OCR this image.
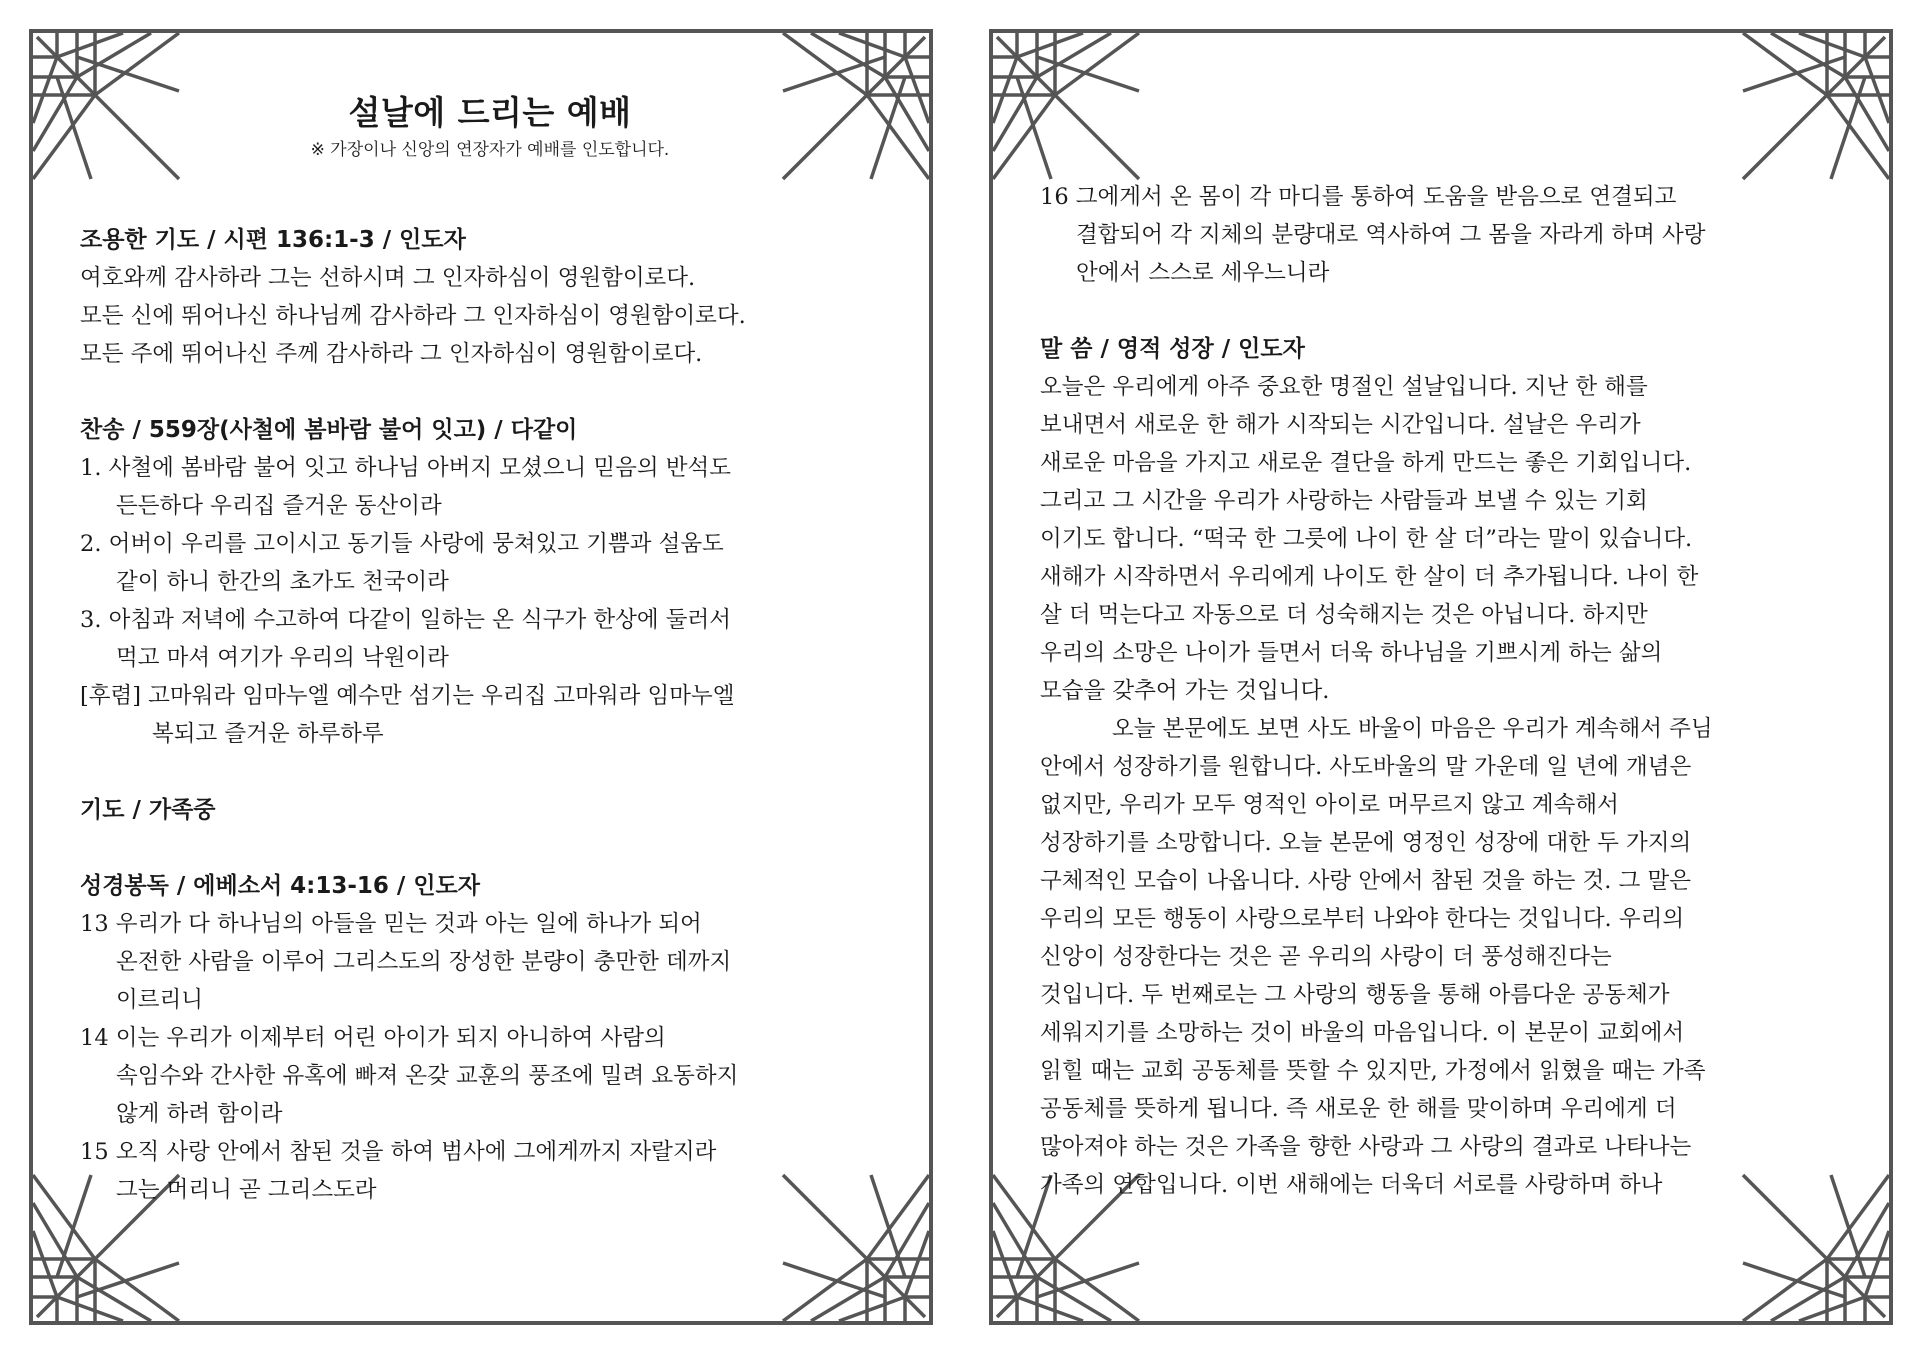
설날에 드리는 예배
※ 가장이나 신앙의 연장자가 예배를 인도합니다.
조용한 기도 / 시편 136:1-3 / 인도자
여호와께 감사하라 그는 선하시며 그 인자하심이 영원함이로다.
모든 신에 뛰어나신 하나님께 감사하라 그 인자하심이 영원함이로다.
모든 주에 뛰어나신 주께 감사하라 그 인자하심이 영원함이로다.
찬송 / 559장(사철에 봄바람 불어 잇고) / 다같이
1. 사철에 봄바람 불어 잇고 하나님 아버지 모셨으니 믿음의 반석도
든든하다 우리집 즐거운 동산이라
2. 어버이 우리를 고이시고 동기들 사랑에 뭉쳐있고 기쁨과 설움도
같이 하니 한간의 초가도 천국이라
3. 아침과 저녁에 수고하여 다같이 일하는 온 식구가 한상에 둘러서
먹고 마셔 여기가 우리의 낙원이라
[후렴] 고마워라 임마누엘 예수만 섬기는 우리집 고마워라 임마누엘
복되고 즐거운 하루하루
기도 / 가족중
성경봉독 / 에베소서 4:13-16 / 인도자
13 우리가 다 하나님의 아들을 믿는 것과 아는 일에 하나가 되어
온전한 사람을 이루어 그리스도의 장성한 분량이 충만한 데까지
이르리니
14 이는 우리가 이제부터 어린 아이가 되지 아니하여 사람의
속임수와 간사한 유혹에 빠져 온갖 교훈의 풍조에 밀려 요동하지
않게 하려 함이라
15 오직 사랑 안에서 참된 것을 하여 범사에 그에게까지 자랄지라
그는 머리니 곧 그리스도라
16 그에게서 온 몸이 각 마디를 통하여 도움을 받음으로 연결되고
결합되어 각 지체의 분량대로 역사하여 그 몸을 자라게 하며 사랑
안에서 스스로 세우느니라
말 씀 / 영적 성장 / 인도자
오늘은 우리에게 아주 중요한 명절인 설날입니다. 지난 한 해를
보내면서 새로운 한 해가 시작되는 시간입니다. 설날은 우리가
새로운 마음을 가지고 새로운 결단을 하게 만드는 좋은 기회입니다.
그리고 그 시간을 우리가 사랑하는 사람들과 보낼 수 있는 기회
이기도 합니다. “떡국 한 그릇에 나이 한 살 더”라는 말이 있습니다.
새해가 시작하면서 우리에게 나이도 한 살이 더 추가됩니다. 나이 한
살 더 먹는다고 자동으로 더 성숙해지는 것은 아닙니다. 하지만
우리의 소망은 나이가 들면서 더욱 하나님을 기쁘시게 하는 삶의
모습을 갖추어 가는 것입니다.
오늘 본문에도 보면 사도 바울이 마음은 우리가 계속해서 주님
안에서 성장하기를 원합니다. 사도바울의 말 가운데 일 년에 개념은
없지만, 우리가 모두 영적인 아이로 머무르지 않고 계속해서
성장하기를 소망합니다. 오늘 본문에 영정인 성장에 대한 두 가지의
구체적인 모습이 나옵니다. 사랑 안에서 참된 것을 하는 것. 그 말은
우리의 모든 행동이 사랑으로부터 나와야 한다는 것입니다. 우리의
신앙이 성장한다는 것은 곧 우리의 사랑이 더 풍성해진다는
것입니다. 두 번째로는 그 사랑의 행동을 통해 아름다운 공동체가
세워지기를 소망하는 것이 바울의 마음입니다. 이 본문이 교회에서
읽힐 때는 교회 공동체를 뜻할 수 있지만, 가정에서 읽혔을 때는 가족
공동체를 뜻하게 됩니다. 즉 새로운 한 해를 맞이하며 우리에게 더
많아져야 하는 것은 가족을 향한 사랑과 그 사랑의 결과로 나타나는
가족의 연합입니다. 이번 새해에는 더욱더 서로를 사랑하며 하나
